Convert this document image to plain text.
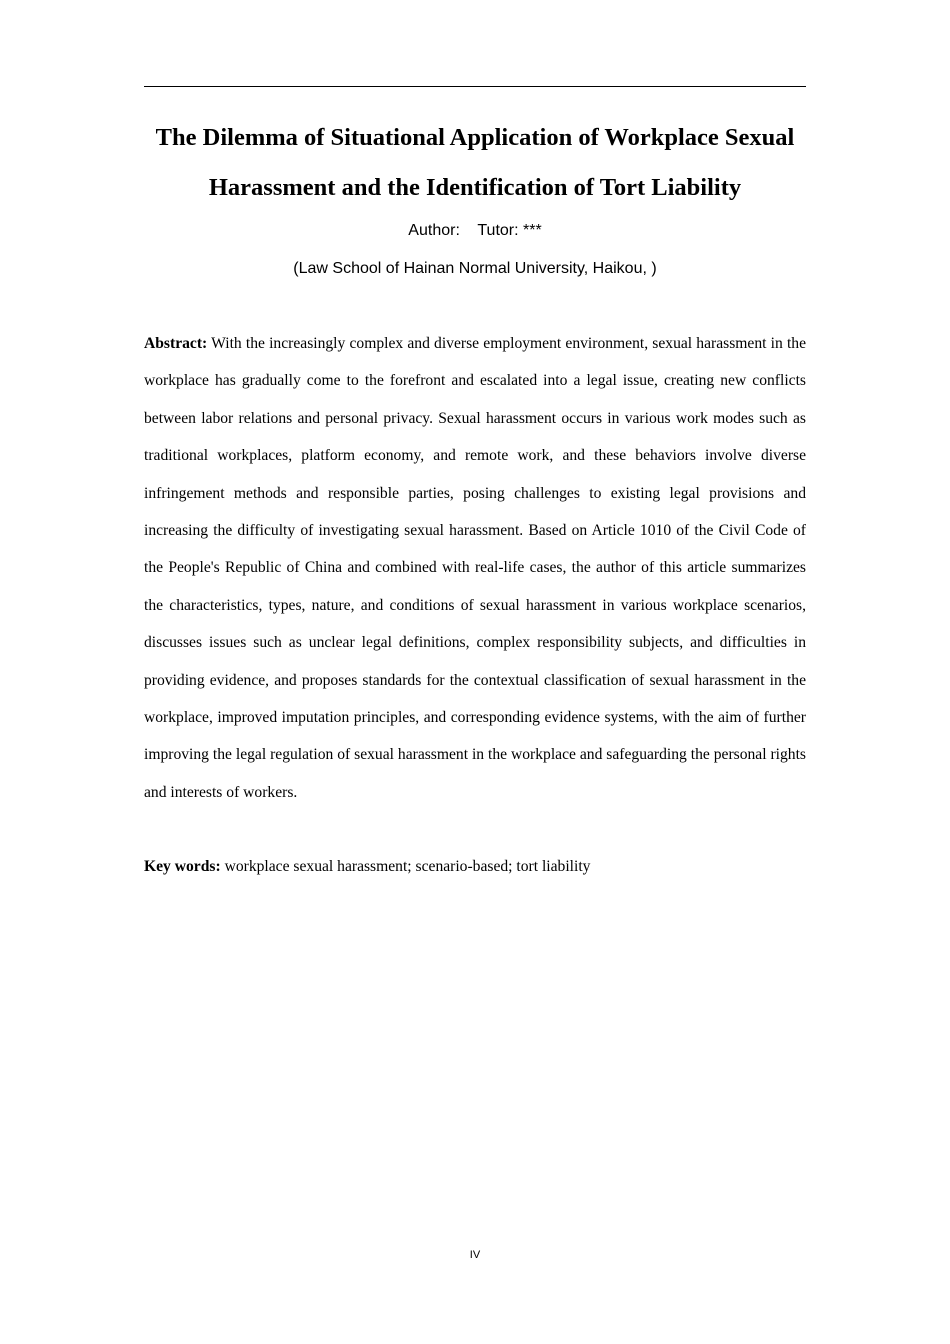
The Dilemma of Situational Application of Workplace Sexual Harassment and the Identification of Tort Liability
Author:    Tutor: ***
(Law School of Hainan Normal University, Haikou, )

Abstract: With the increasingly complex and diverse employment environment, sexual harassment in the workplace has gradually come to the forefront and escalated into a legal issue, creating new conflicts between labor relations and personal privacy. Sexual harassment occurs in various work modes such as traditional workplaces, platform economy, and remote work, and these behaviors involve diverse infringement methods and responsible parties, posing challenges to existing legal provisions and increasing the difficulty of investigating sexual harassment. Based on Article 1010 of the Civil Code of the People's Republic of China and combined with real-life cases, the author of this article summarizes the characteristics, types, nature, and conditions of sexual harassment in various workplace scenarios, discusses issues such as unclear legal definitions, complex responsibility subjects, and difficulties in providing evidence, and proposes standards for the contextual classification of sexual harassment in the workplace, improved imputation principles, and corresponding evidence systems, with the aim of further improving the legal regulation of sexual harassment in the workplace and safeguarding the personal rights and interests of workers.

Key words: workplace sexual harassment; scenario-based; tort liability

IV
